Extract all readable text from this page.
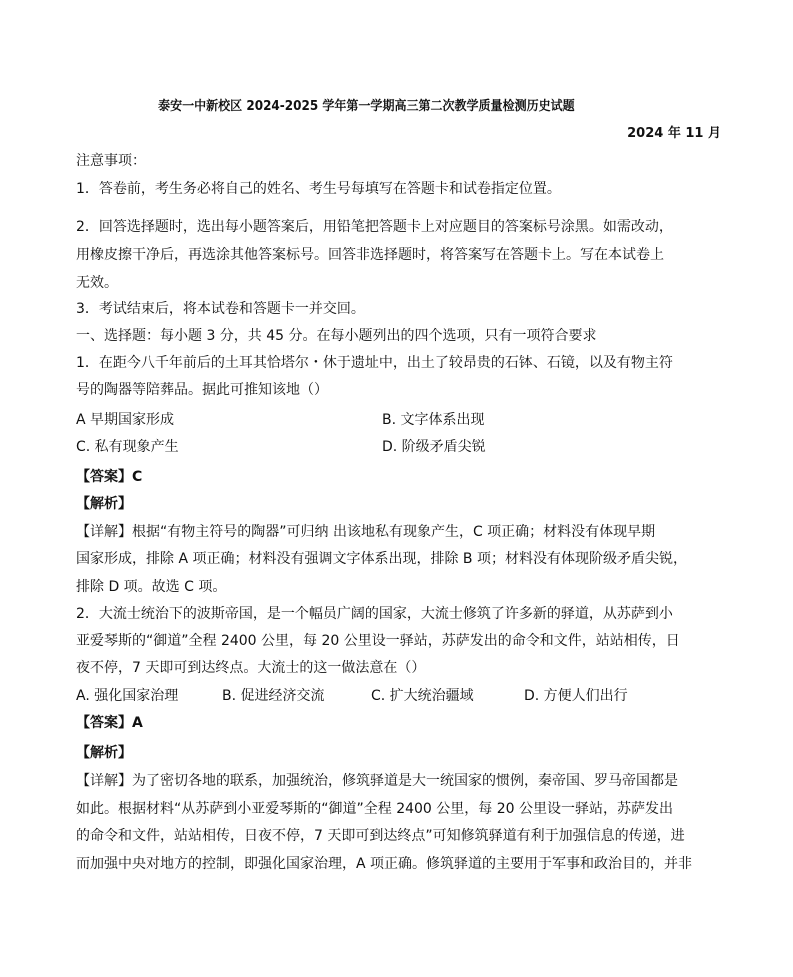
泰安一中新校区 2024-2025 学年第一学期高三第二次教学质量检测历史试题
2024 年 11 月
注意事项：
1．答卷前，考生务必将自己的姓名、考生号每填写在答题卡和试卷指定位置。
2．回答选择题时，选出每小题答案后，用铅笔把答题卡上对应题目的答案标号涂黑。如需改动，
用橡皮擦干净后，再选涂其他答案标号。回答非选择题时，将答案写在答题卡上。写在本试卷上
无效。
3．考试结束后，将本试卷和答题卡一并交回。
一、选择题：每小题 3 分，共 45 分。在每小题列出的四个选项，只有一项符合要求
1．在距今八千年前后的土耳其恰塔尔・休于遗址中，出土了较昂贵的石钵、石镜，以及有物主符
号的陶器等陪葬品。据此可推知该地（）
A 早期国家形成	B. 文字体系出现
C. 私有现象产生	D. 阶级矛盾尖锐
【答案】C
【解析】
【详解】根据“有物主符号的陶器”可归纳 出该地私有现象产生，C 项正确；材料没有体现早期
国家形成，排除 A 项正确；材料没有强调文字体系出现，排除 B 项；材料没有体现阶级矛盾尖锐，
排除 D 项。故选 C 项。
2．大流士统治下的波斯帝国，是一个幅员广阔的国家，大流士修筑了许多新的驿道，从苏萨到小
亚爱琴斯的“御道”全程 2400 公里，每 20 公里设一驿站，苏萨发出的命令和文件，站站相传，日
夜不停，7 天即可到达终点。大流士的这一做法意在（）
A. 强化国家治理	B. 促进经济交流	C. 扩大统治疆域	D. 方便人们出行
【答案】A
【解析】
【详解】为了密切各地的联系，加强统治，修筑驿道是大一统国家的惯例，秦帝国、罗马帝国都是
如此。根据材料“从苏萨到小亚爱琴斯的“御道”全程 2400 公里，每 20 公里设一驿站，苏萨发出
的命令和文件，站站相传，日夜不停，7 天即可到达终点”可知修筑驿道有利于加强信息的传递，进
而加强中央对地方的控制，即强化国家治理，A 项正确。修筑驿道的主要用于军事和政治目的，并非
